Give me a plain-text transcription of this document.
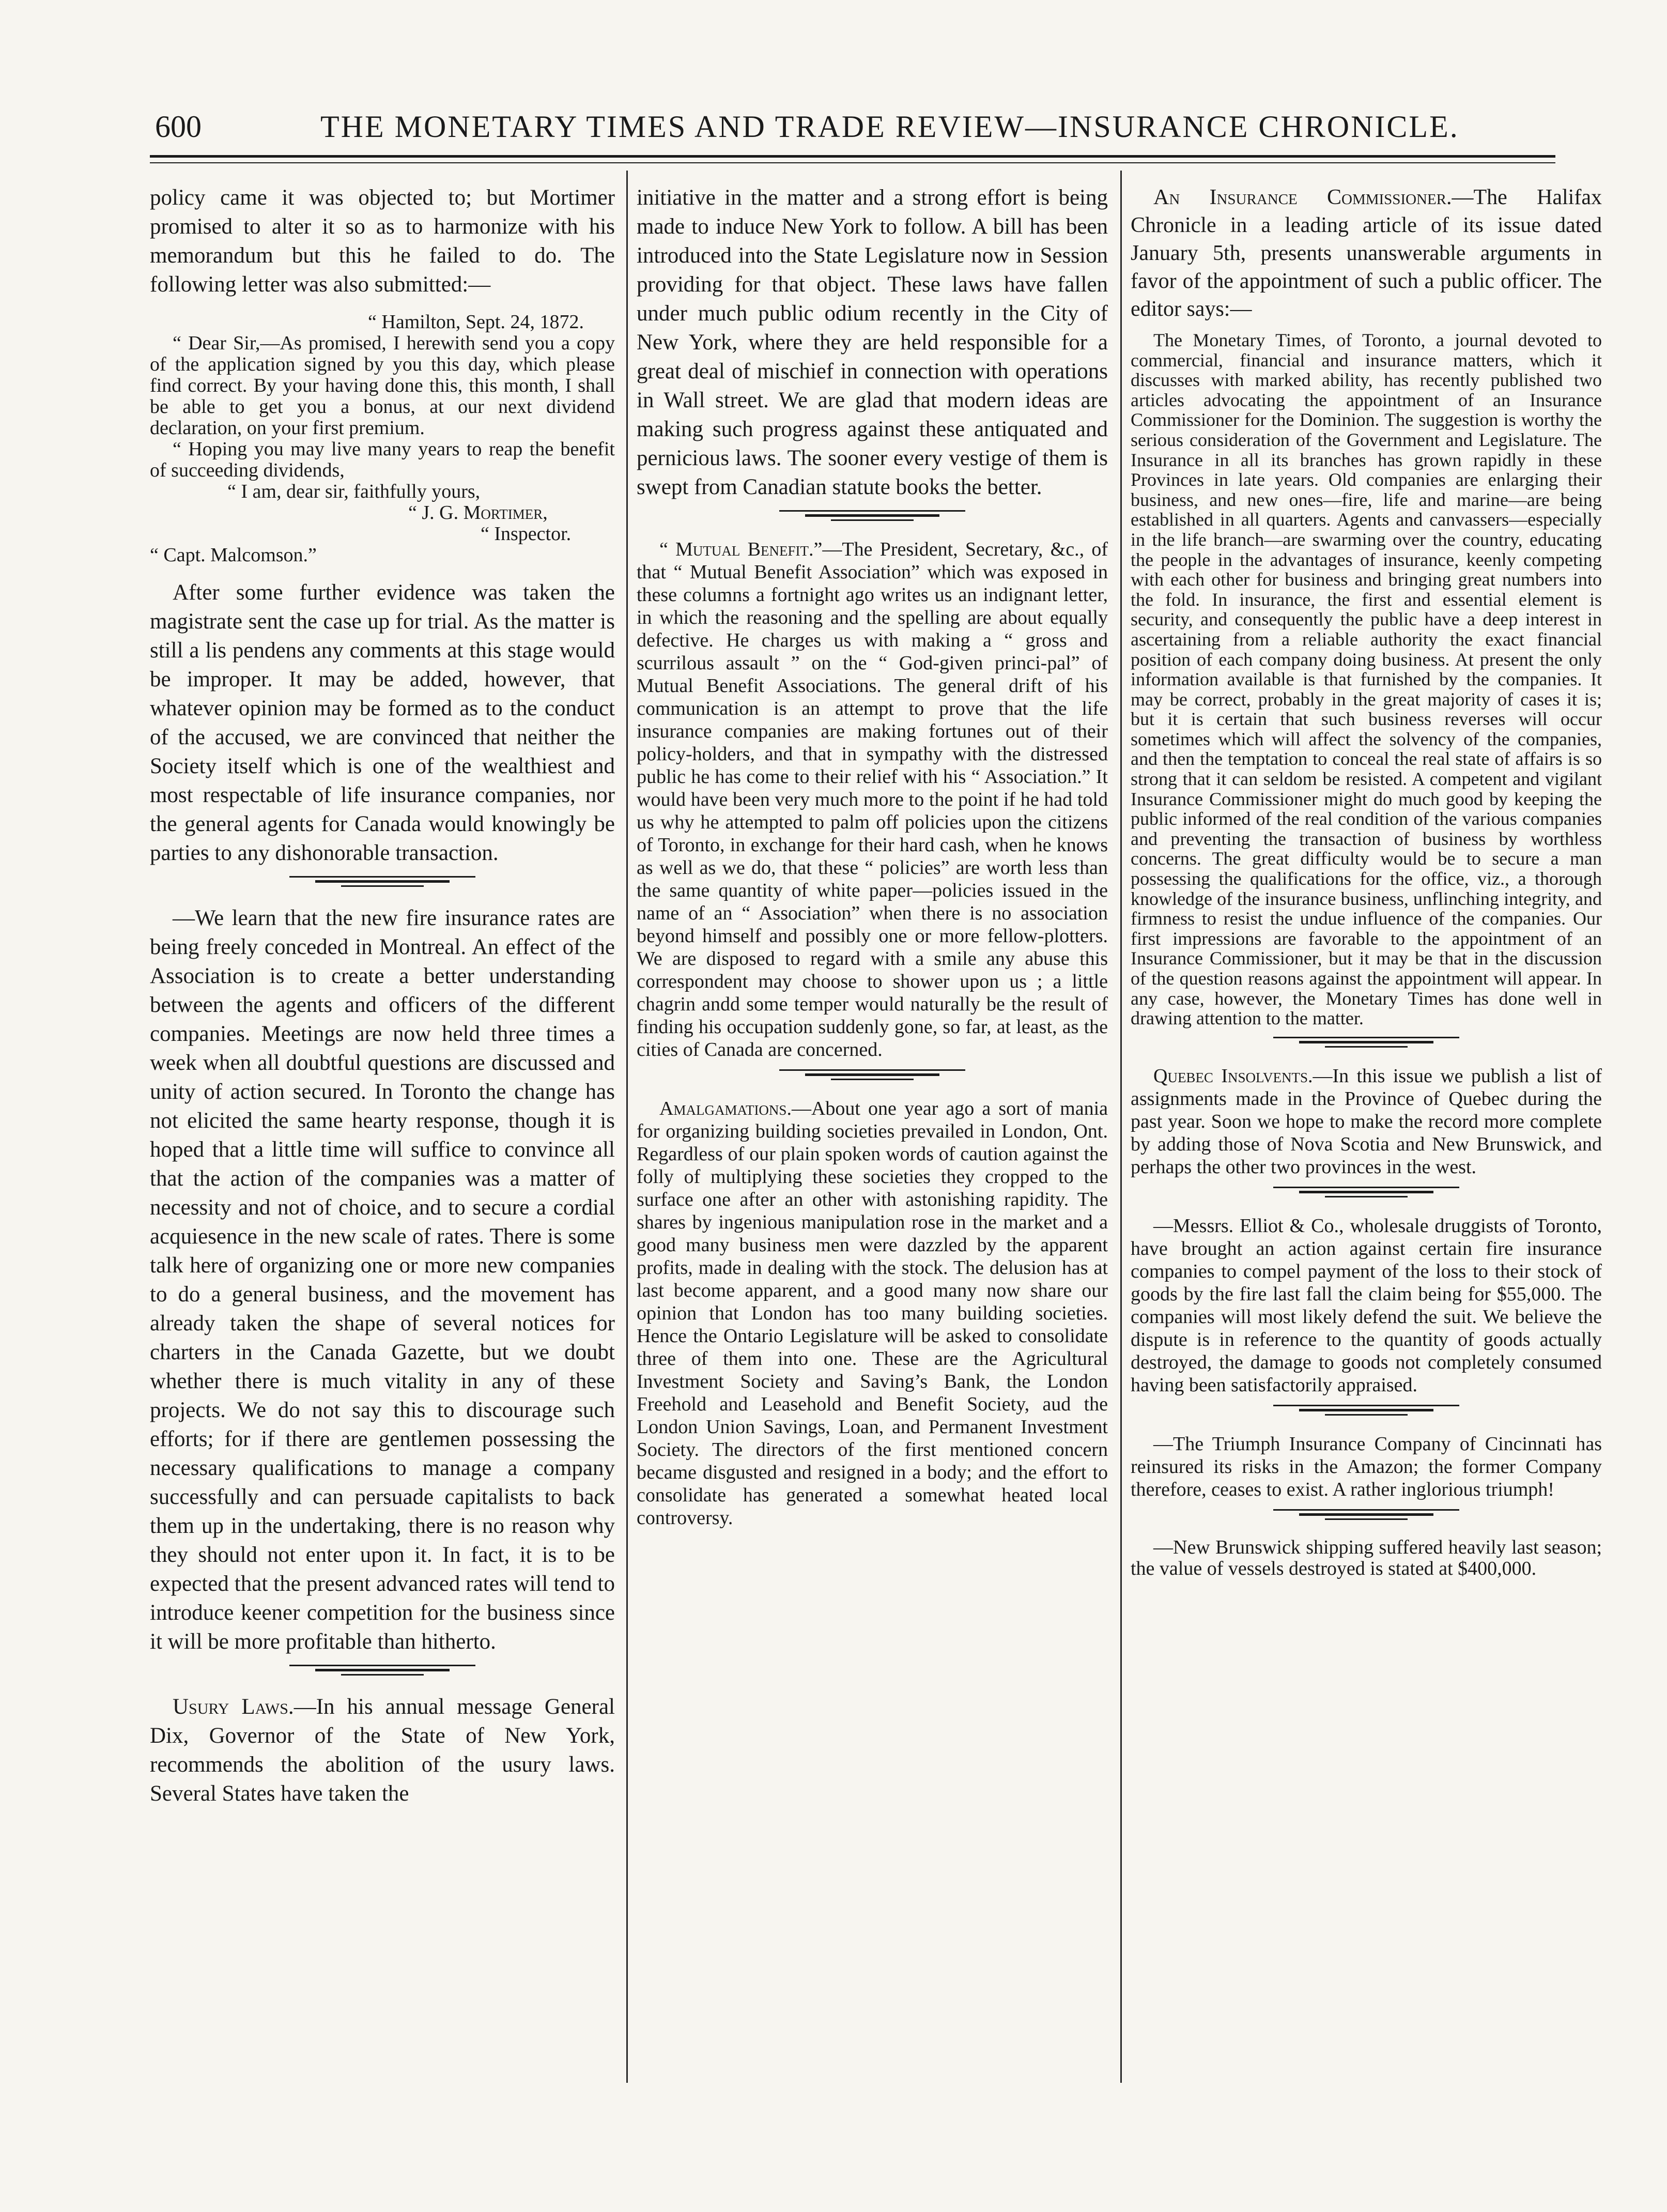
600	THE MONETARY TIMES AND TRADE REVIEW—INSURANCE CHRONICLE.

policy came it was objected to; but Mortimer promised to alter it so as to harmonize with his memorandum but this he failed to do. The following letter was also submitted:—

“ Hamilton, Sept. 24, 1872.

“ Dear Sir,—As promised, I herewith send you a copy of the application signed by you this day, which please find correct. By your having done this, this month, I shall be able to get you a bonus, at our next dividend declaration, on your first premium.

“ Hoping you may live many years to reap the benefit of succeeding dividends,

“ I am, dear sir, faithfully yours,

“ J. G. Mortimer,

“ Inspector.

“ Capt. Malcomson.”

After some further evidence was taken the magistrate sent the case up for trial. As the matter is still a lis pendens any comments at this stage would be improper. It may be added, however, that whatever opinion may be formed as to the conduct of the accused, we are convinced that neither the Society itself which is one of the wealthiest and most respectable of life insurance companies, nor the general agents for Canada would knowingly be parties to any dishonorable transaction.

—We learn that the new fire insurance rates are being freely conceded in Montreal. An effect of the Association is to create a better understanding between the agents and officers of the different companies. Meetings are now held three times a week when all doubtful questions are discussed and unity of action secured. In Toronto the change has not elicited the same hearty response, though it is hoped that a little time will suffice to convince all that the action of the companies was a matter of necessity and not of choice, and to secure a cordial acquiesence in the new scale of rates. There is some talk here of organizing one or more new companies to do a general business, and the movement has already taken the shape of several notices for charters in the Canada Gazette, but we doubt whether there is much vitality in any of these projects. We do not say this to discourage such efforts; for if there are gentlemen possessing the necessary qualifications to manage a company successfully and can persuade capitalists to back them up in the undertaking, there is no reason why they should not enter upon it. In fact, it is to be expected that the present advanced rates will tend to introduce keener competition for the business since it will be more profitable than hitherto.

Usury Laws.—In his annual message General Dix, Governor of the State of New York, recommends the abolition of the usury laws. Several States have taken the

initiative in the matter and a strong effort is being made to induce New York to follow. A bill has been introduced into the State Legislature now in Session providing for that object. These laws have fallen under much public odium recently in the City of New York, where they are held responsible for a great deal of mischief in connection with operations in Wall street. We are glad that modern ideas are making such progress against these antiquated and pernicious laws. The sooner every vestige of them is swept from Canadian statute books the better.

“ Mutual Benefit.”—The President, Secretary, &c., of that “ Mutual Benefit Association” which was exposed in these columns a fortnight ago writes us an indignant letter, in which the reasoning and the spelling are about equally defective. He charges us with making a “ gross and scurrilous assault ” on the “ God-given princi-pal” of Mutual Benefit Associations. The general drift of his communication is an attempt to prove that the life insurance companies are making fortunes out of their policy-holders, and that in sympathy with the distressed public he has come to their relief with his “ Association.” It would have been very much more to the point if he had told us why he attempted to palm off policies upon the citizens of Toronto, in exchange for their hard cash, when he knows as well as we do, that these “ policies” are worth less than the same quantity of white paper—policies issued in the name of an “ Association” when there is no association beyond himself and possibly one or more fellow-plotters. We are disposed to regard with a smile any abuse this correspondent may choose to shower upon us ; a little chagrin andd some temper would naturally be the result of finding his occupation suddenly gone, so far, at least, as the cities of Canada are concerned.

Amalgamations.—About one year ago a sort of mania for organizing building societies prevailed in London, Ont. Regardless of our plain spoken words of caution against the folly of multiplying these societies they cropped to the surface one after an other with astonishing rapidity. The shares by ingenious manipulation rose in the market and a good many business men were dazzled by the apparent profits, made in dealing with the stock. The delusion has at last become apparent, and a good many now share our opinion that London has too many building societies. Hence the Ontario Legislature will be asked to consolidate three of them into one. These are the Agricultural Investment Society and Saving’s Bank, the London Freehold and Leasehold and Benefit Society, aud the London Union Savings, Loan, and Permanent Investment Society. The directors of the first mentioned concern became disgusted and resigned in a body; and the effort to consolidate has generated a somewhat heated local controversy.

An Insurance Commissioner.—The Halifax Chronicle in a leading article of its issue dated January 5th, presents unanswerable arguments in favor of the appointment of such a public officer. The editor says:—

The Monetary Times, of Toronto, a journal devoted to commercial, financial and insurance matters, which it discusses with marked ability, has recently published two articles advocating the appointment of an Insurance Commissioner for the Dominion. The suggestion is worthy the serious consideration of the Government and Legislature. The Insurance in all its branches has grown rapidly in these Provinces in late years. Old companies are enlarging their business, and new ones—fire, life and marine—are being established in all quarters. Agents and canvassers—especially in the life branch—are swarming over the country, educating the people in the advantages of insurance, keenly competing with each other for business and bringing great numbers into the fold. In insurance, the first and essential element is security, and consequently the public have a deep interest in ascertaining from a reliable authority the exact financial position of each company doing business. At present the only information available is that furnished by the companies. It may be correct, probably in the great majority of cases it is; but it is certain that such business reverses will occur sometimes which will affect the solvency of the companies, and then the temptation to conceal the real state of affairs is so strong that it can seldom be resisted. A competent and vigilant Insurance Commissioner might do much good by keeping the public informed of the real condition of the various companies and preventing the transaction of business by worthless concerns. The great difficulty would be to secure a man possessing the qualifications for the office, viz., a thorough knowledge of the insurance business, unflinching integrity, and firmness to resist the undue influence of the companies. Our first impressions are favorable to the appointment of an Insurance Commissioner, but it may be that in the discussion of the question reasons against the appointment will appear. In any case, however, the Monetary Times has done well in drawing attention to the matter.

Quebec Insolvents.—In this issue we publish a list of assignments made in the Province of Quebec during the past year. Soon we hope to make the record more complete by adding those of Nova Scotia and New Brunswick, and perhaps the other two provinces in the west.

—Messrs. Elliot & Co., wholesale druggists of Toronto, have brought an action against certain fire insurance companies to compel payment of the loss to their stock of goods by the fire last fall the claim being for $55,000. The companies will most likely defend the suit. We believe the dispute is in reference to the quantity of goods actually destroyed, the damage to goods not completely consumed having been satisfactorily appraised.

—The Triumph Insurance Company of Cincinnati has reinsured its risks in the Amazon; the former Company therefore, ceases to exist. A rather inglorious triumph!

—New Brunswick shipping suffered heavily last season; the value of vessels destroyed is stated at $400,000.
